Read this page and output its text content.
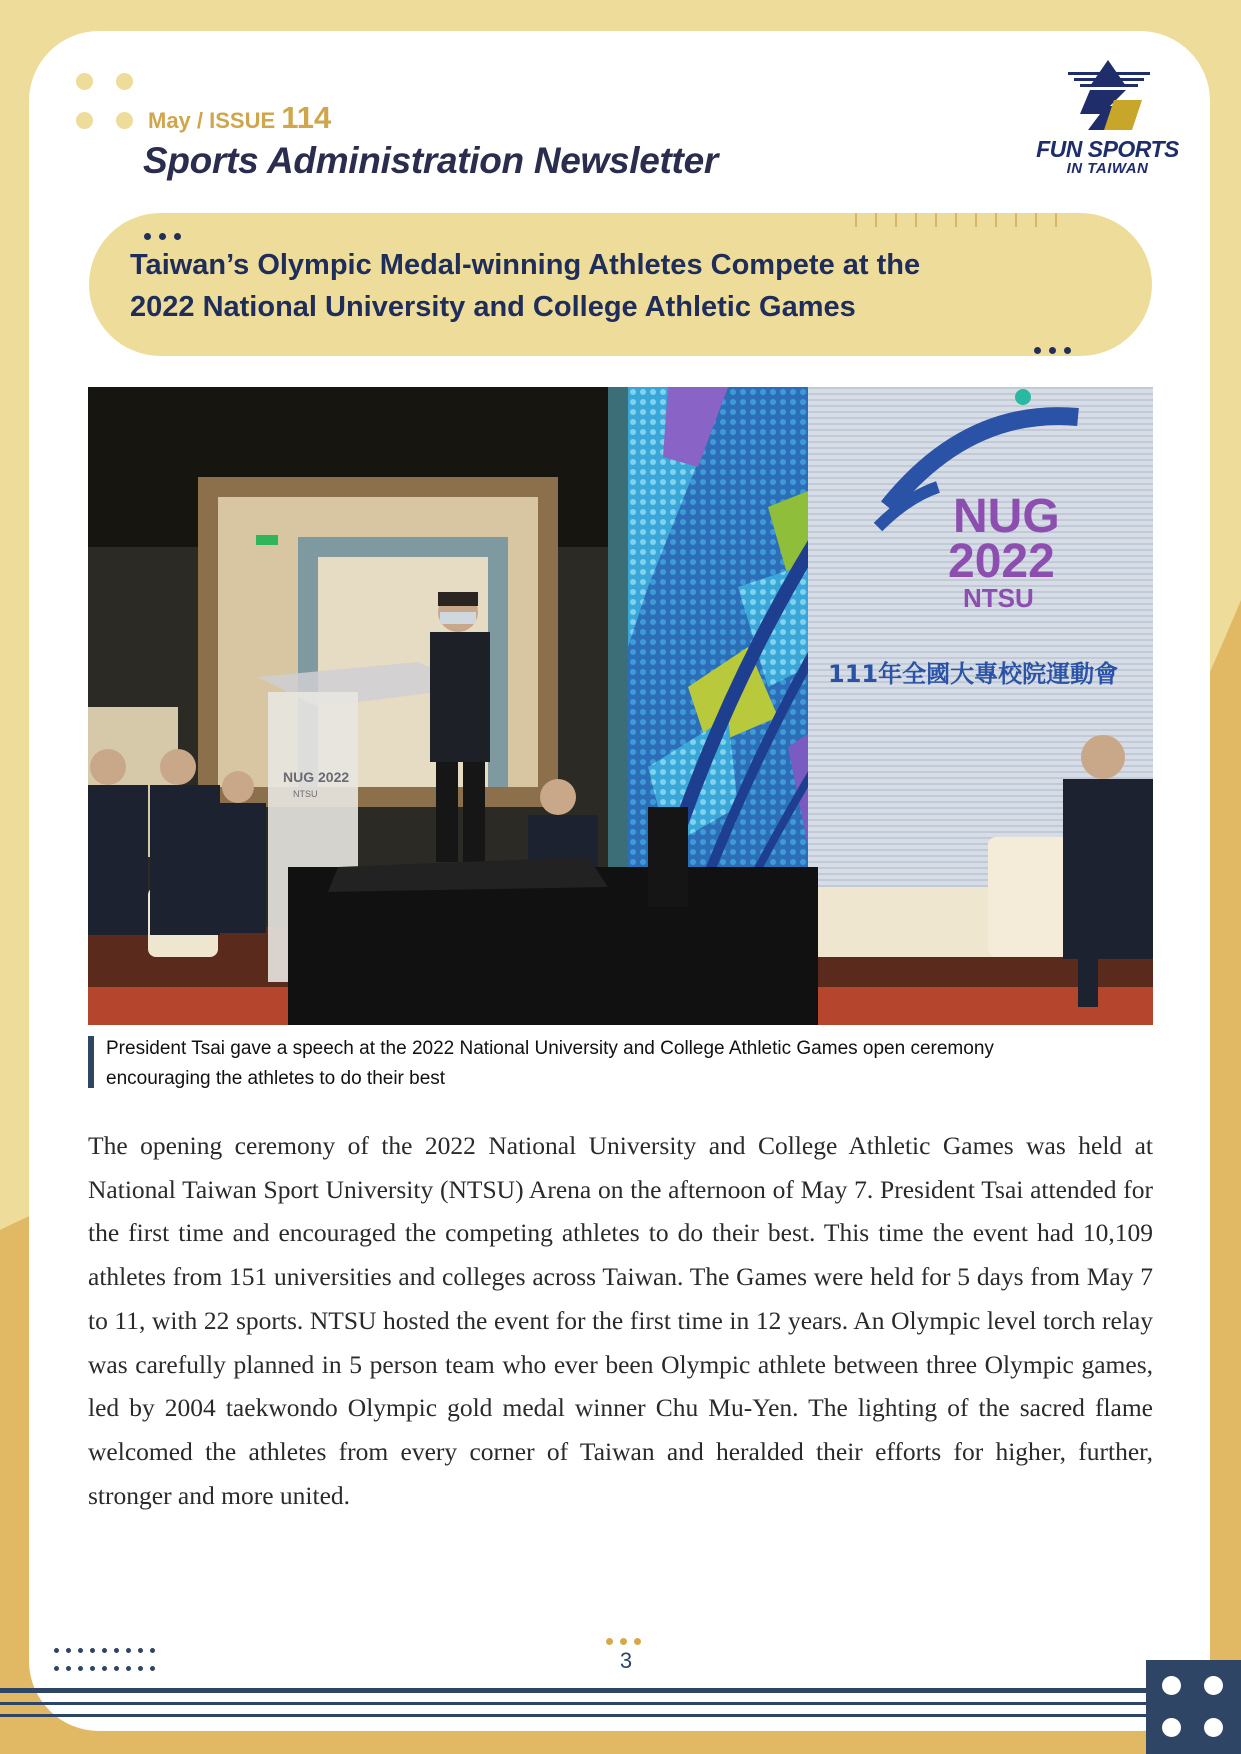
May / ISSUE 114
Sports Administration Newsletter	FUN SPORTS
IN TAIWAN
Taiwan’s Olympic Medal-winning Athletes Compete at the
2022 National University and College Athletic Games
NUG
2022
NTSU
111年全國大專校院運動會
NUG 2022
NTSU
President Tsai gave a speech at the 2022 National University and College Athletic Games open ceremony
encouraging the athletes to do their best
The opening ceremony of the 2022 National University and College Athletic Games was held at National Taiwan Sport University (NTSU) Arena on the afternoon of May 7. President Tsai attended for the first time and encouraged the competing athletes to do their best. This time the event had 10,109 athletes from 151 universities and colleges across Taiwan. The Games were held for 5 days from May 7 to 11, with 22 sports. NTSU hosted the event for the first time in 12 years. An Olympic level torch relay was carefully planned in 5 person team who ever been Olympic athlete between three Olympic games, led by 2004 taekwondo Olympic gold medal winner Chu Mu-Yen. The lighting of the sacred flame welcomed the athletes from every corner of Taiwan and heralded their efforts for higher, further, stronger and more united.

3
